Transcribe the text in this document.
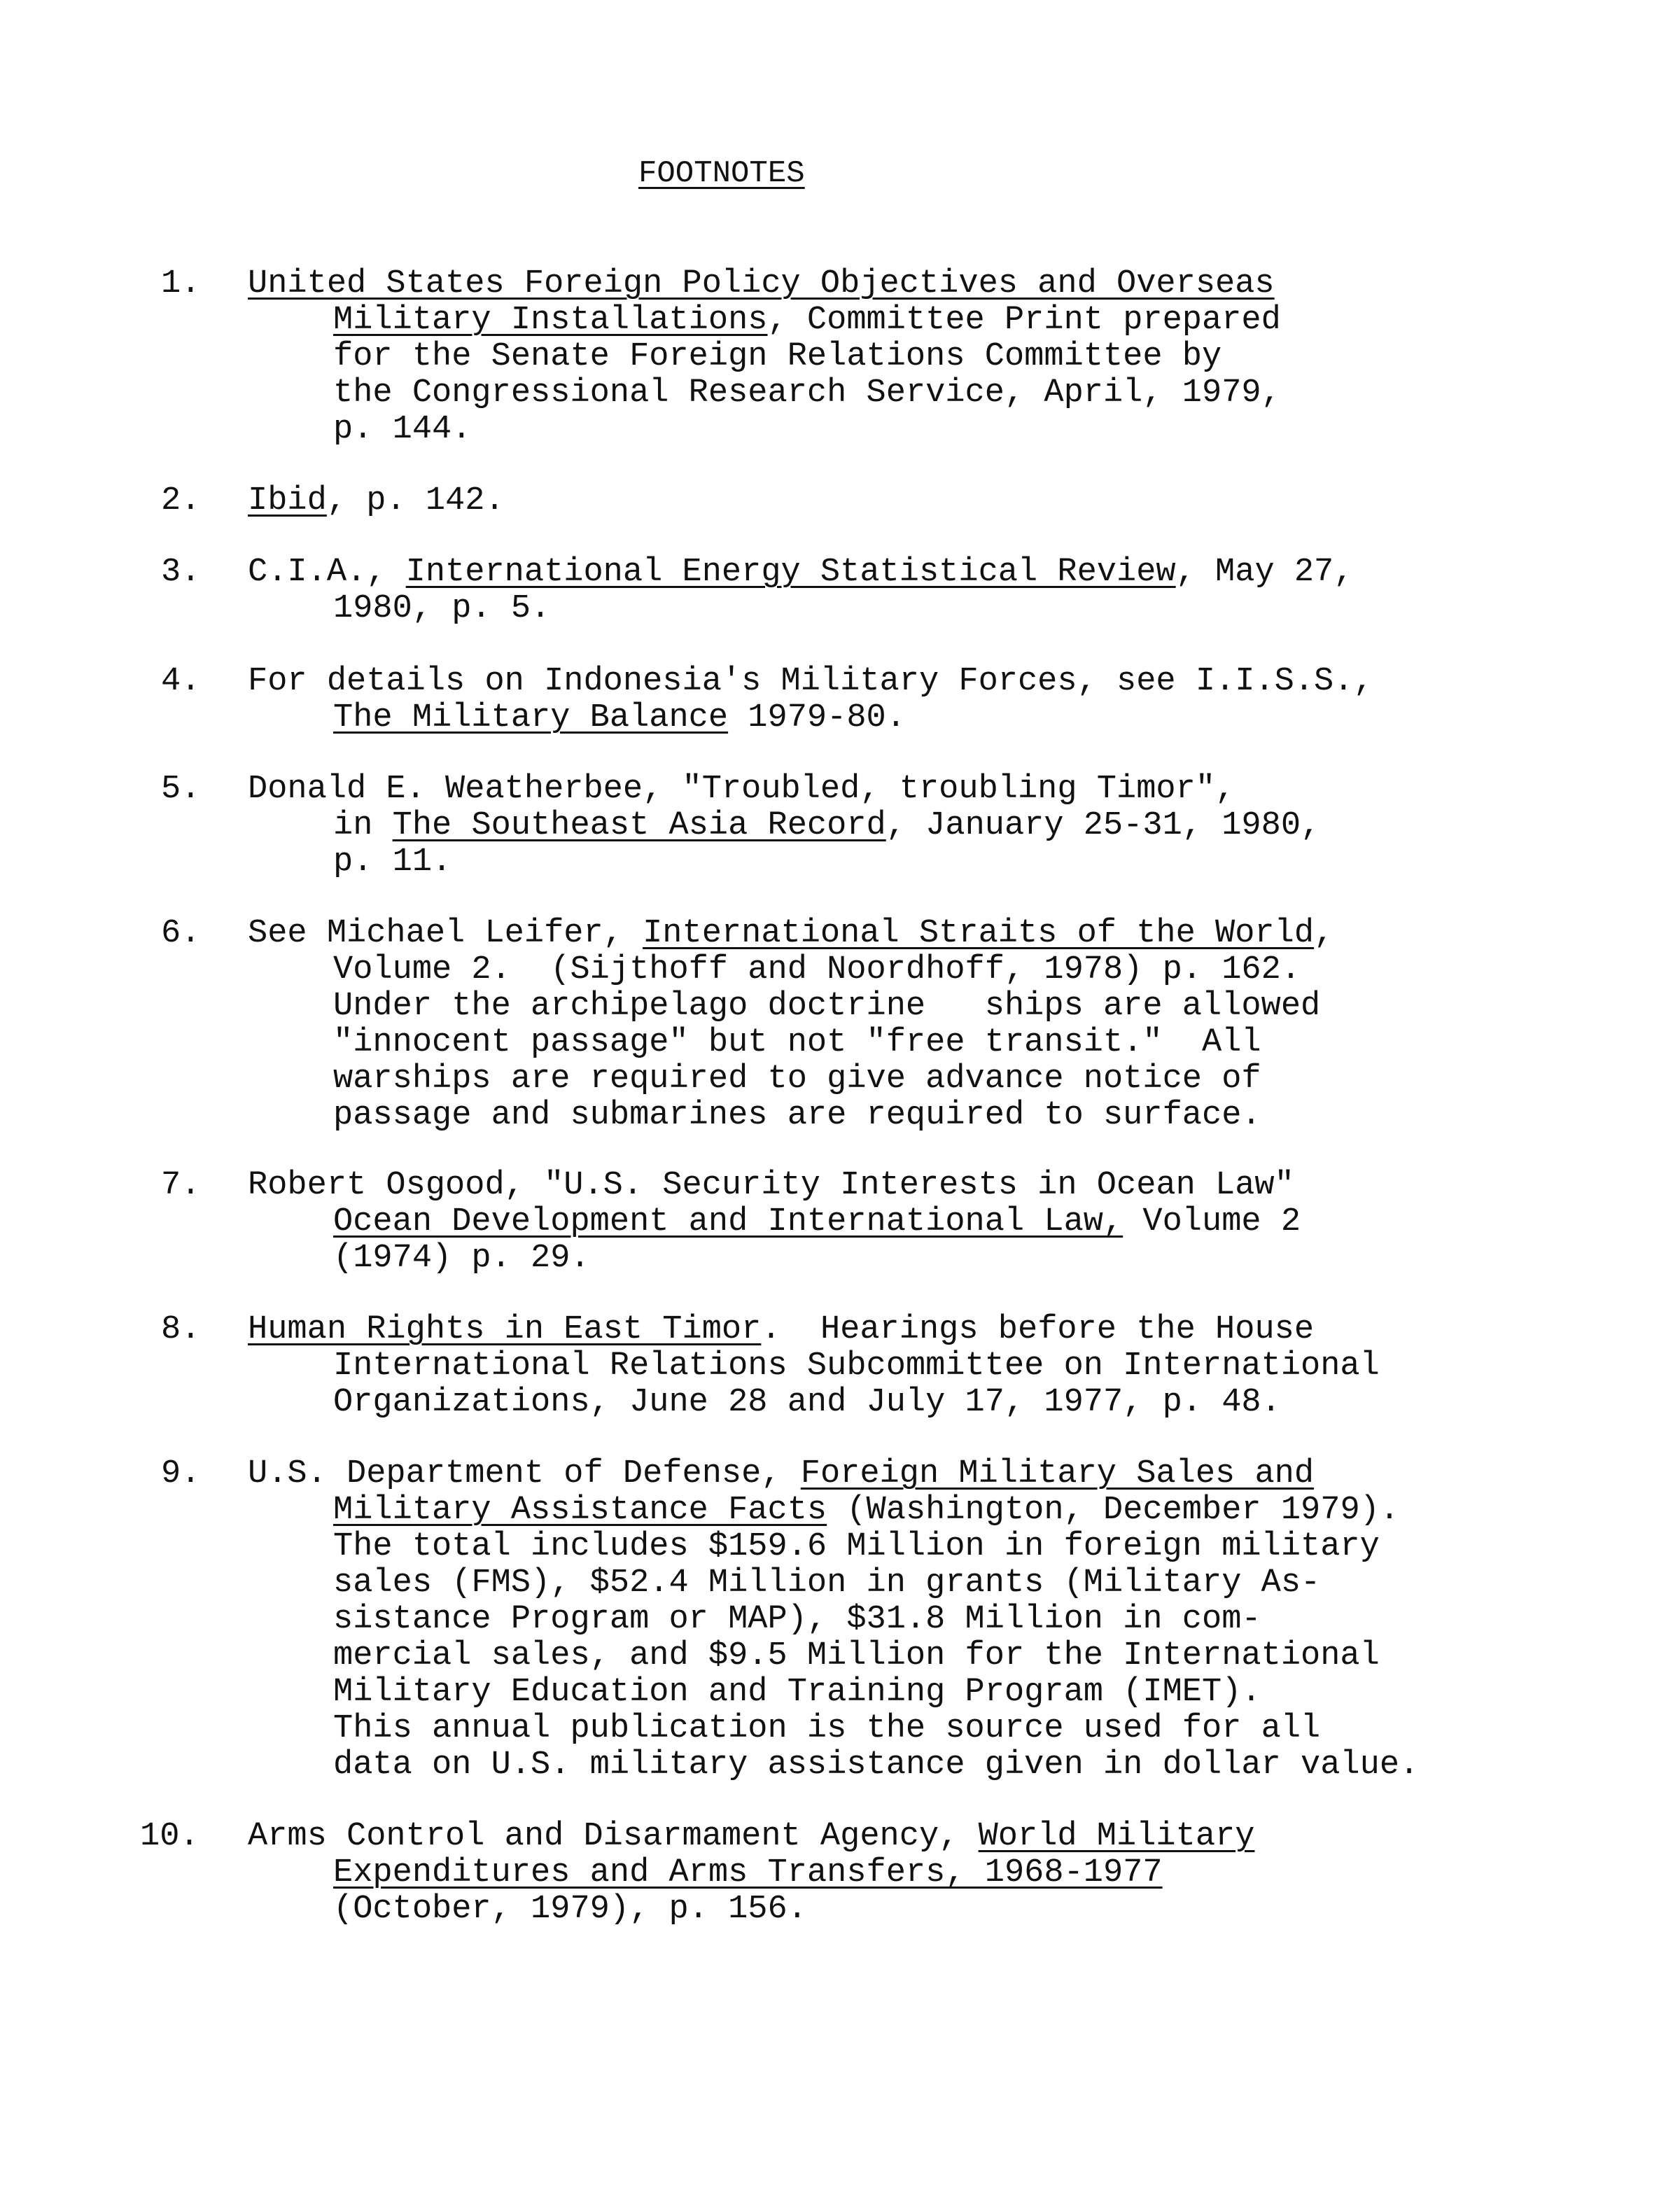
FOOTNOTES
1. United States Foreign Policy Objectives and Overseas
Military Installations, Committee Print prepared
for the Senate Foreign Relations Committee by
the Congressional Research Service, April, 1979,
p. 144.
2. Ibid, p. 142.
3. C.I.A., International Energy Statistical Review, May 27,
1980, p. 5.
4. For details on Indonesia's Military Forces, see I.I.S.S.,
The Military Balance 1979-80.
5. Donald E. Weatherbee, "Troubled, troubling Timor",
in The Southeast Asia Record, January 25-31, 1980,
p. 11.
6. See Michael Leifer, International Straits of the World,
Volume 2.  (Sijthoff and Noordhoff, 1978) p. 162.
Under the archipelago doctrine   ships are allowed
"innocent passage" but not "free transit."  All
warships are required to give advance notice of
passage and submarines are required to surface.
7. Robert Osgood, "U.S. Security Interests in Ocean Law"
Ocean Development and International Law, Volume 2
(1974) p. 29.
8. Human Rights in East Timor.  Hearings before the House
International Relations Subcommittee on International
Organizations, June 28 and July 17, 1977, p. 48.
9. U.S. Department of Defense, Foreign Military Sales and
Military Assistance Facts (Washington, December 1979).
The total includes $159.6 Million in foreign military
sales (FMS), $52.4 Million in grants (Military As-
sistance Program or MAP), $31.8 Million in com-
mercial sales, and $9.5 Million for the International
Military Education and Training Program (IMET).
This annual publication is the source used for all
data on U.S. military assistance given in dollar value.
10. Arms Control and Disarmament Agency, World Military
Expenditures and Arms Transfers, 1968-1977
(October, 1979), p. 156.
